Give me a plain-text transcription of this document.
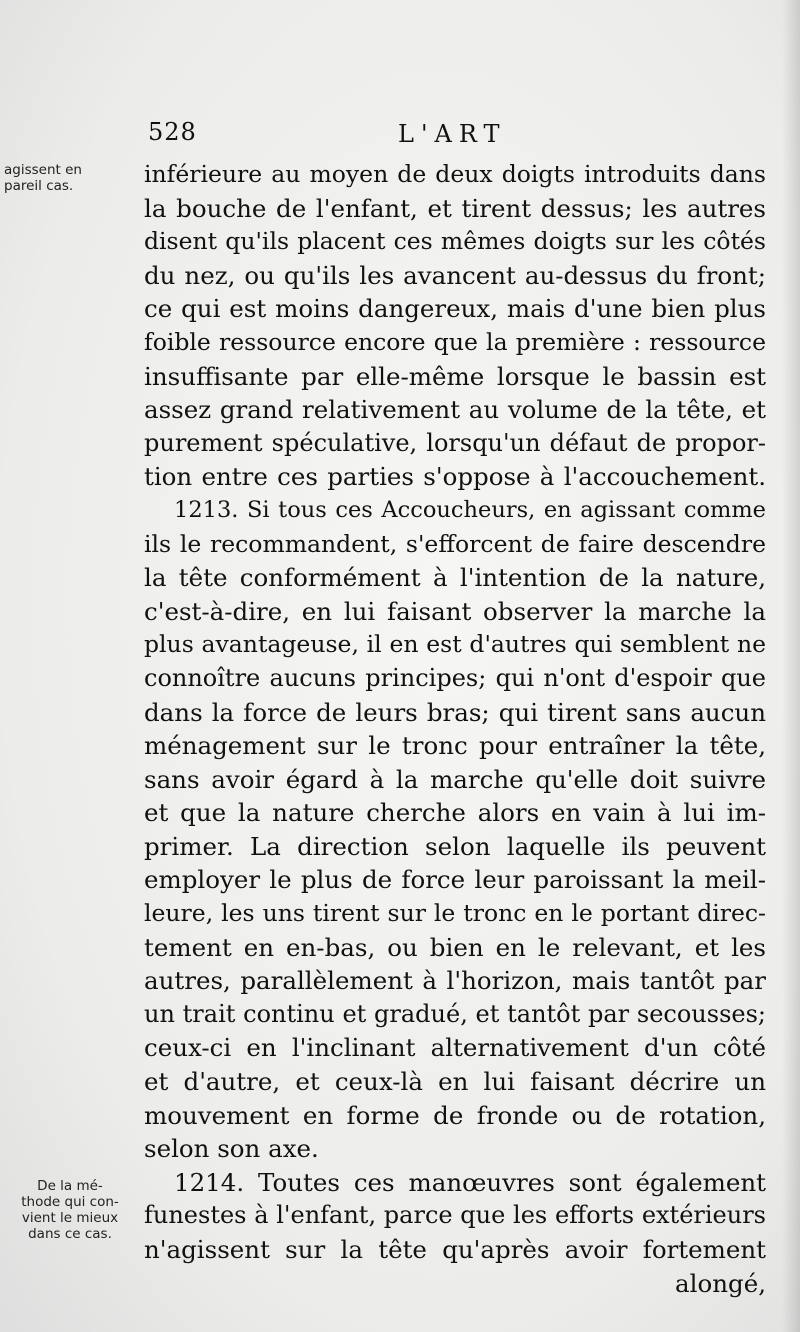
528	L'ART
agissent en
pareil cas.
De la mé-
thode qui con-
vient le mieux
dans ce cas.
inférieure au moyen de deux doigts introduits dans
la bouche de l'enfant, et tirent dessus; les autres
disent qu'ils placent ces mêmes doigts sur les côtés
du nez, ou qu'ils les avancent au-dessus du front;
ce qui est moins dangereux, mais d'une bien plus
foible ressource encore que la première : ressource
insuffisante par elle-même lorsque le bassin est
assez grand relativement au volume de la tête, et
purement spéculative, lorsqu'un défaut de propor-
tion entre ces parties s'oppose à l'accouchement.
1213. Si tous ces Accoucheurs, en agissant comme
ils le recommandent, s'efforcent de faire descendre
la tête conformément à l'intention de la nature,
c'est-à-dire, en lui faisant observer la marche la
plus avantageuse, il en est d'autres qui semblent ne
connoître aucuns principes; qui n'ont d'espoir que
dans la force de leurs bras; qui tirent sans aucun
ménagement sur le tronc pour entraîner la tête,
sans avoir égard à la marche qu'elle doit suivre
et que la nature cherche alors en vain à lui im-
primer. La direction selon laquelle ils peuvent
employer le plus de force leur paroissant la meil-
leure, les uns tirent sur le tronc en le portant direc-
tement en en-bas, ou bien en le relevant, et les
autres, parallèlement à l'horizon, mais tantôt par
un trait continu et gradué, et tantôt par secousses;
ceux-ci en l'inclinant alternativement d'un côté
et d'autre, et ceux-là en lui faisant décrire un
mouvement en forme de fronde ou de rotation,
selon son axe.
1214. Toutes ces manœuvres sont également
funestes à l'enfant, parce que les efforts extérieurs
n'agissent sur la tête qu'après avoir fortement
alongé,
